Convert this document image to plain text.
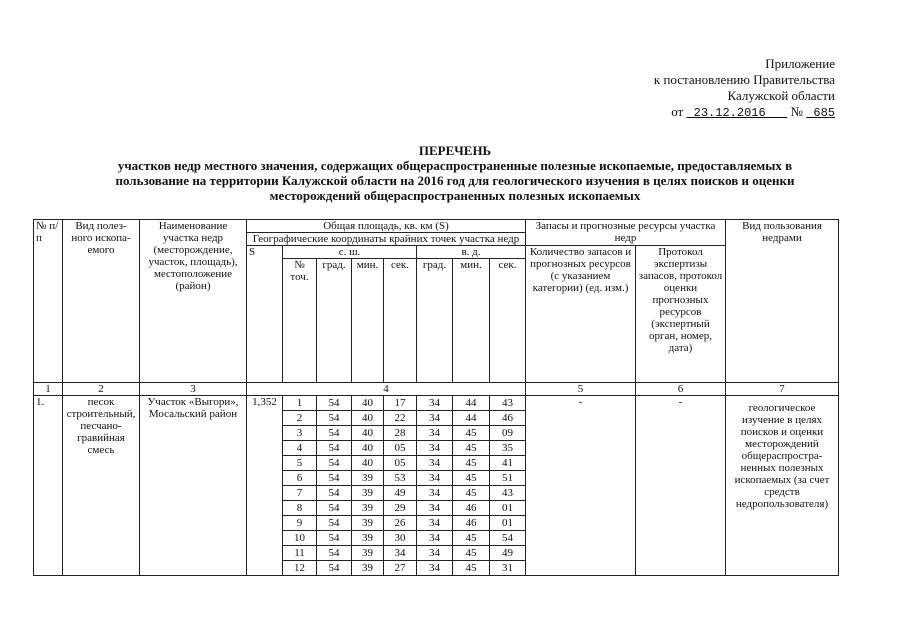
Приложение
к постановлению Правительства
Калужской области
от 23.12.2016 № 685
ПЕРЕЧЕНЬ
участков недр местного значения, содержащих общераспространенные полезные ископаемые, предоставляемых в
пользование на территории Калужской области на 2016 год для геологического изучения в целях поисков и оценки
месторождений общераспространенных полезных ископаемых
№ п/ п	Вид полез-ного ископа-емого	Наименование участка недр (месторождение, участок, площадь), местоположение (район)	Общая площадь, кв. км (S)								Запасы и прогнозные ресурсы участка недр		Вид пользования недрами
			Географические координаты крайних точек участка недр										
			S	с. ш.				в. д.			Количество запасов и прогнозных ресурсов (с указанием категории) (ед. изм.)	Протокол экспертизы запасов, протокол оценки прогнозных ресурсов (экспертный орган, номер, дата)	
				№ точ.	град.	мин.	сек.	град.	мин.	сек.			
1	2	3	4								5	6	7
1.	песок строительный, песчано-гравийная смесь	Участок «Выгори», Мосальский район	1,352	1	54	40	17	34	44	43	-	-	геологическое изучение в целях поисков и оценки месторождений общераспростра-ненных полезных ископаемых (за счет средств недропользователя)
				2	54	40	22	34	44	46			
				3	54	40	28	34	45	09			
				4	54	40	05	34	45	35			
				5	54	40	05	34	45	41			
				6	54	39	53	34	45	51			
				7	54	39	49	34	45	43			
				8	54	39	29	34	46	01			
				9	54	39	26	34	46	01			
				10	54	39	30	34	45	54			
				11	54	39	34	34	45	49			
				12	54	39	27	34	45	31			
